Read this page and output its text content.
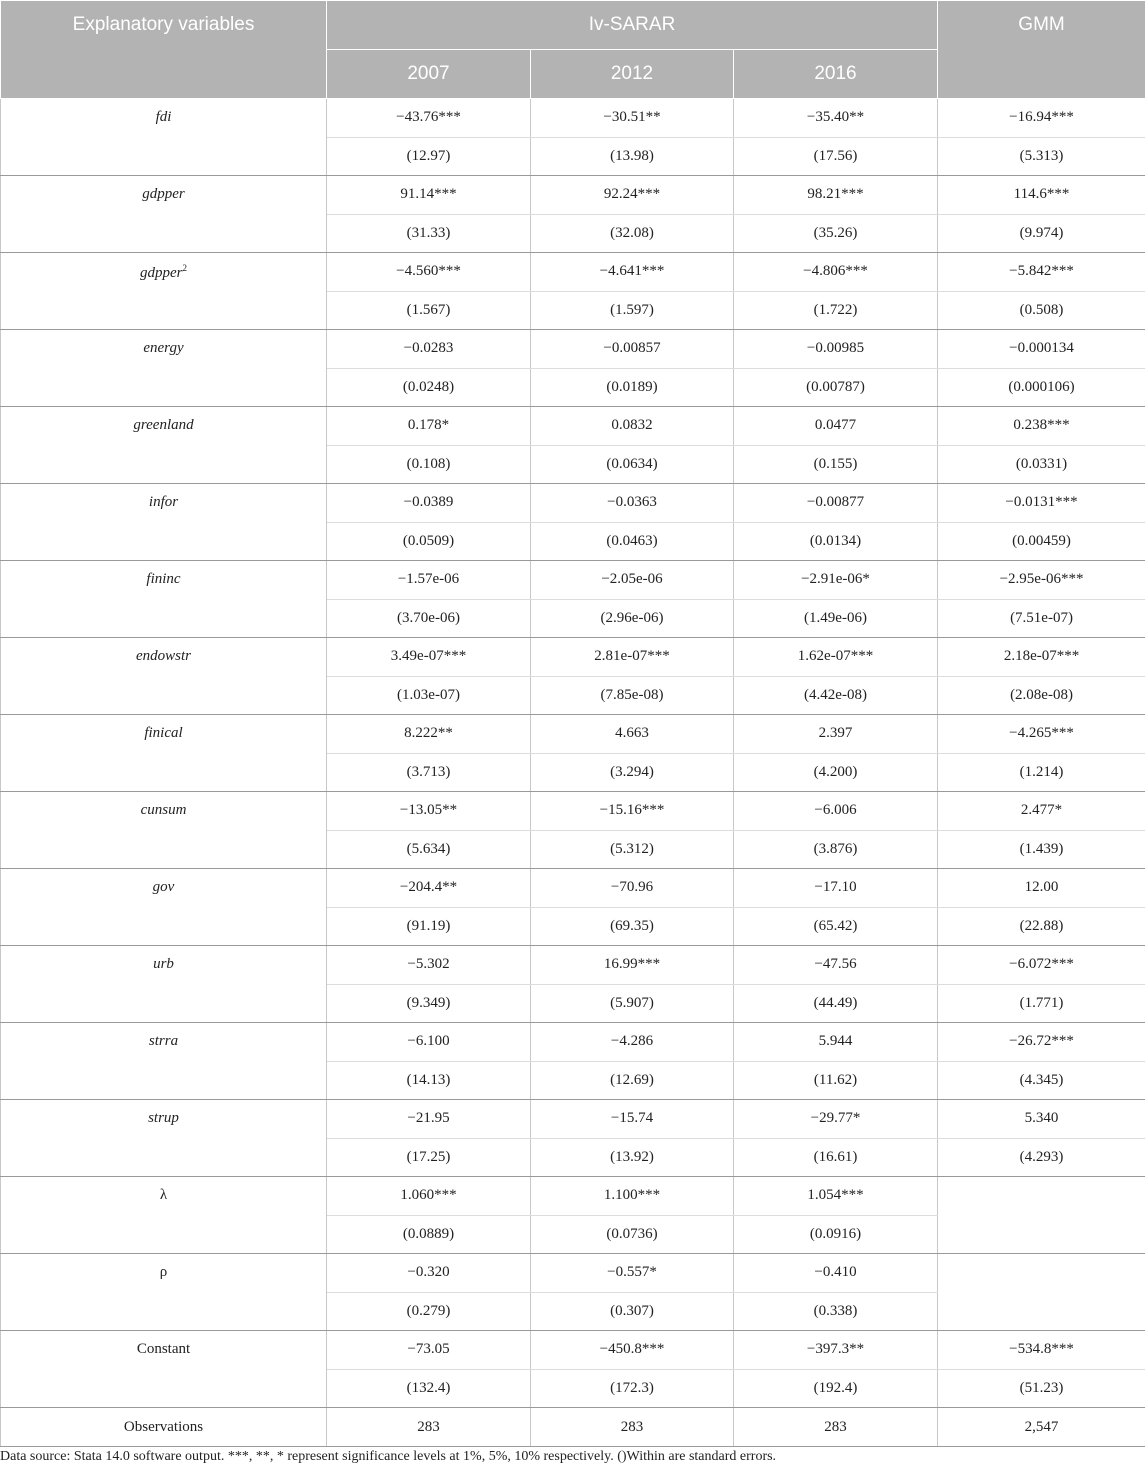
Explanatory variables	Iv-SARAR			GMM
	2007	2012	2016	
fdi	−43.76***	−30.51**	−35.40**	−16.94***
	(12.97)	(13.98)	(17.56)	(5.313)
gdpper	91.14***	92.24***	98.21***	114.6***
	(31.33)	(32.08)	(35.26)	(9.974)
gdpper$^2$	−4.560***	−4.641***	−4.806***	−5.842***
	(1.567)	(1.597)	(1.722)	(0.508)
energy	−0.0283	−0.00857	−0.00985	−0.000134
	(0.0248)	(0.0189)	(0.00787)	(0.000106)
greenland	0.178*	0.0832	0.0477	0.238***
	(0.108)	(0.0634)	(0.155)	(0.0331)
infor	−0.0389	−0.0363	−0.00877	−0.0131***
	(0.0509)	(0.0463)	(0.0134)	(0.00459)
fininc	−1.57e-06	−2.05e-06	−2.91e-06*	−2.95e-06***
	(3.70e-06)	(2.96e-06)	(1.49e-06)	(7.51e-07)
endowstr	3.49e-07***	2.81e-07***	1.62e-07***	2.18e-07***
	(1.03e-07)	(7.85e-08)	(4.42e-08)	(2.08e-08)
finical	8.222**	4.663	2.397	−4.265***
	(3.713)	(3.294)	(4.200)	(1.214)
cunsum	−13.05**	−15.16***	−6.006	2.477*
	(5.634)	(5.312)	(3.876)	(1.439)
gov	−204.4**	−70.96	−17.10	12.00
	(91.19)	(69.35)	(65.42)	(22.88)
urb	−5.302	16.99***	−47.56	−6.072***
	(9.349)	(5.907)	(44.49)	(1.771)
strra	−6.100	−4.286	5.944	−26.72***
	(14.13)	(12.69)	(11.62)	(4.345)
strup	−21.95	−15.74	−29.77*	5.340
	(17.25)	(13.92)	(16.61)	(4.293)
λ	1.060***	1.100***	1.054***	
	(0.0889)	(0.0736)	(0.0916)	
ρ	−0.320	−0.557*	−0.410	
	(0.279)	(0.307)	(0.338)	
Constant	−73.05	−450.8***	−397.3**	−534.8***
	(132.4)	(172.3)	(192.4)	(51.23)
Observations	283	283	283	2,547
Data source: Stata 14.0 software output. ***, **, * represent significance levels at 1%, 5%, 10% respectively. ()Within are standard errors.
